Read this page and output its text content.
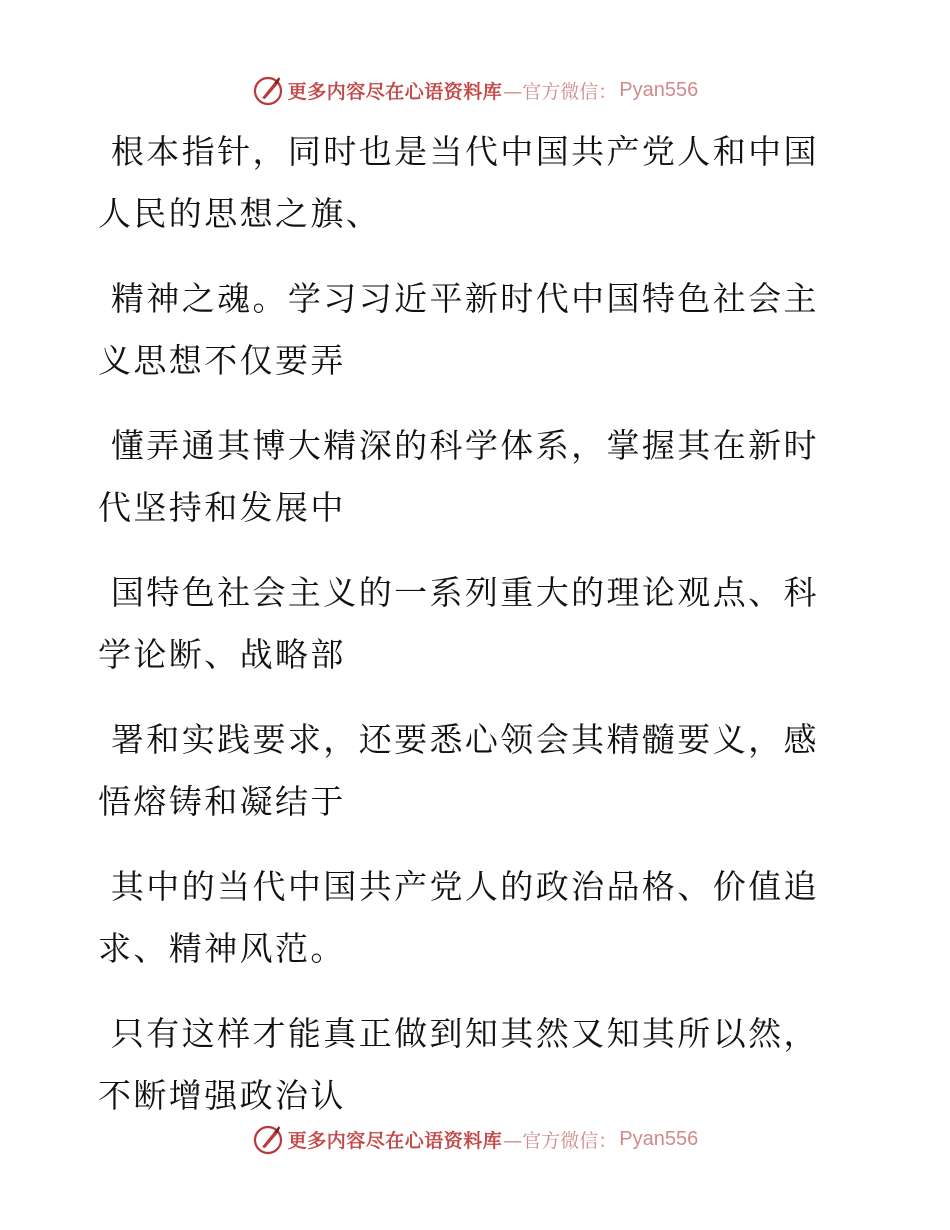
更多内容尽在心语资料库 —官方微信： Pyan556

根本指针，同时也是当代中国共产党人和中国人民的思想之旗、

精神之魂。学习习近平新时代中国特色社会主义思想不仅要弄

懂弄通其博大精深的科学体系，掌握其在新时代坚持和发展中

国特色社会主义的一系列重大的理论观点、科学论断、战略部

署和实践要求，还要悉心领会其精髓要义，感悟熔铸和凝结于

其中的当代中国共产党人的政治品格、价值追求、精神风范。

只有这样才能真正做到知其然又知其所以然，不断增强政治认

更多内容尽在心语资料库 —官方微信： Pyan556
